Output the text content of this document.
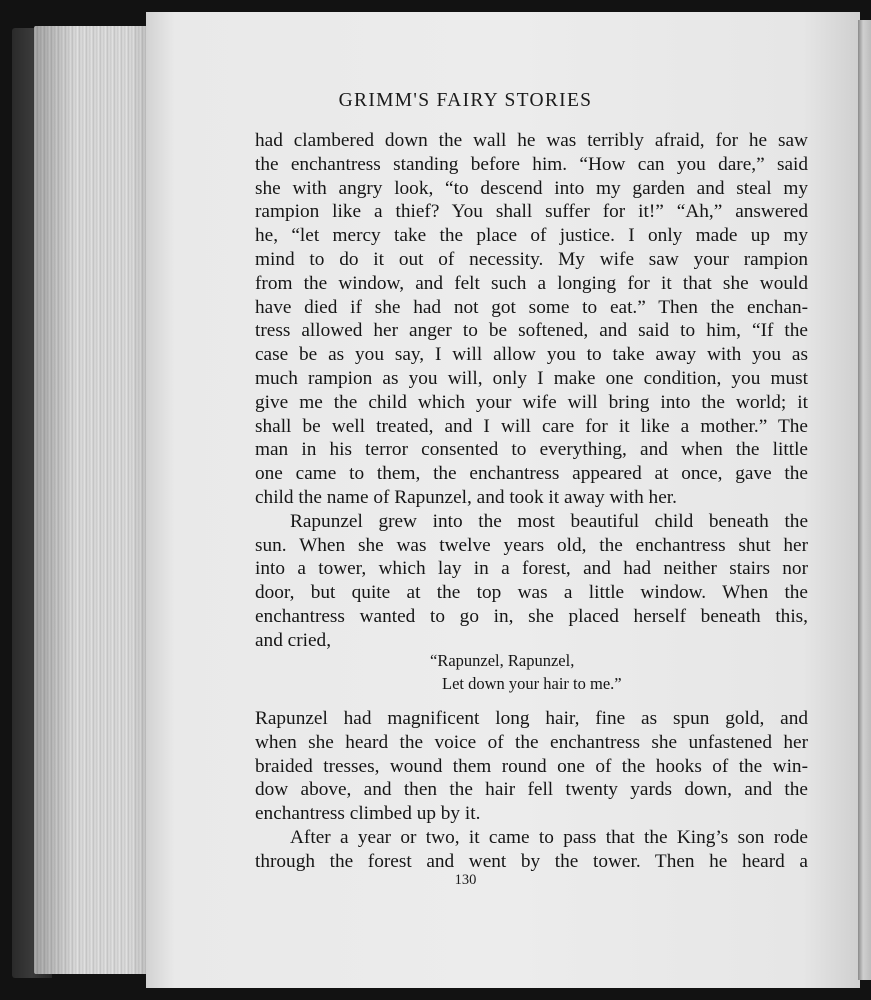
GRIMM'S FAIRY STORIES
had clambered down the wall he was terribly afraid, for he saw
the enchantress standing before him. “How can you dare,” said
she with angry look, “to descend into my garden and steal my
rampion like a thief? You shall suffer for it!” “Ah,” answered
he, “let mercy take the place of justice. I only made up my
mind to do it out of necessity. My wife saw your rampion
from the window, and felt such a longing for it that she would
have died if she had not got some to eat.” Then the enchan-
tress allowed her anger to be softened, and said to him, “If the
case be as you say, I will allow you to take away with you as
much rampion as you will, only I make one condition, you must
give me the child which your wife will bring into the world; it
shall be well treated, and I will care for it like a mother.” The
man in his terror consented to everything, and when the little
one came to them, the enchantress appeared at once, gave the
child the name of Rapunzel, and took it away with her.
Rapunzel grew into the most beautiful child beneath the
sun. When she was twelve years old, the enchantress shut her
into a tower, which lay in a forest, and had neither stairs nor
door, but quite at the top was a little window. When the
enchantress wanted to go in, she placed herself beneath this,
and cried,
“Rapunzel, Rapunzel,
Let down your hair to me.”
Rapunzel had magnificent long hair, fine as spun gold, and
when she heard the voice of the enchantress she unfastened her
braided tresses, wound them round one of the hooks of the win-
dow above, and then the hair fell twenty yards down, and the
enchantress climbed up by it.
After a year or two, it came to pass that the King’s son rode
through the forest and went by the tower. Then he heard a
130
